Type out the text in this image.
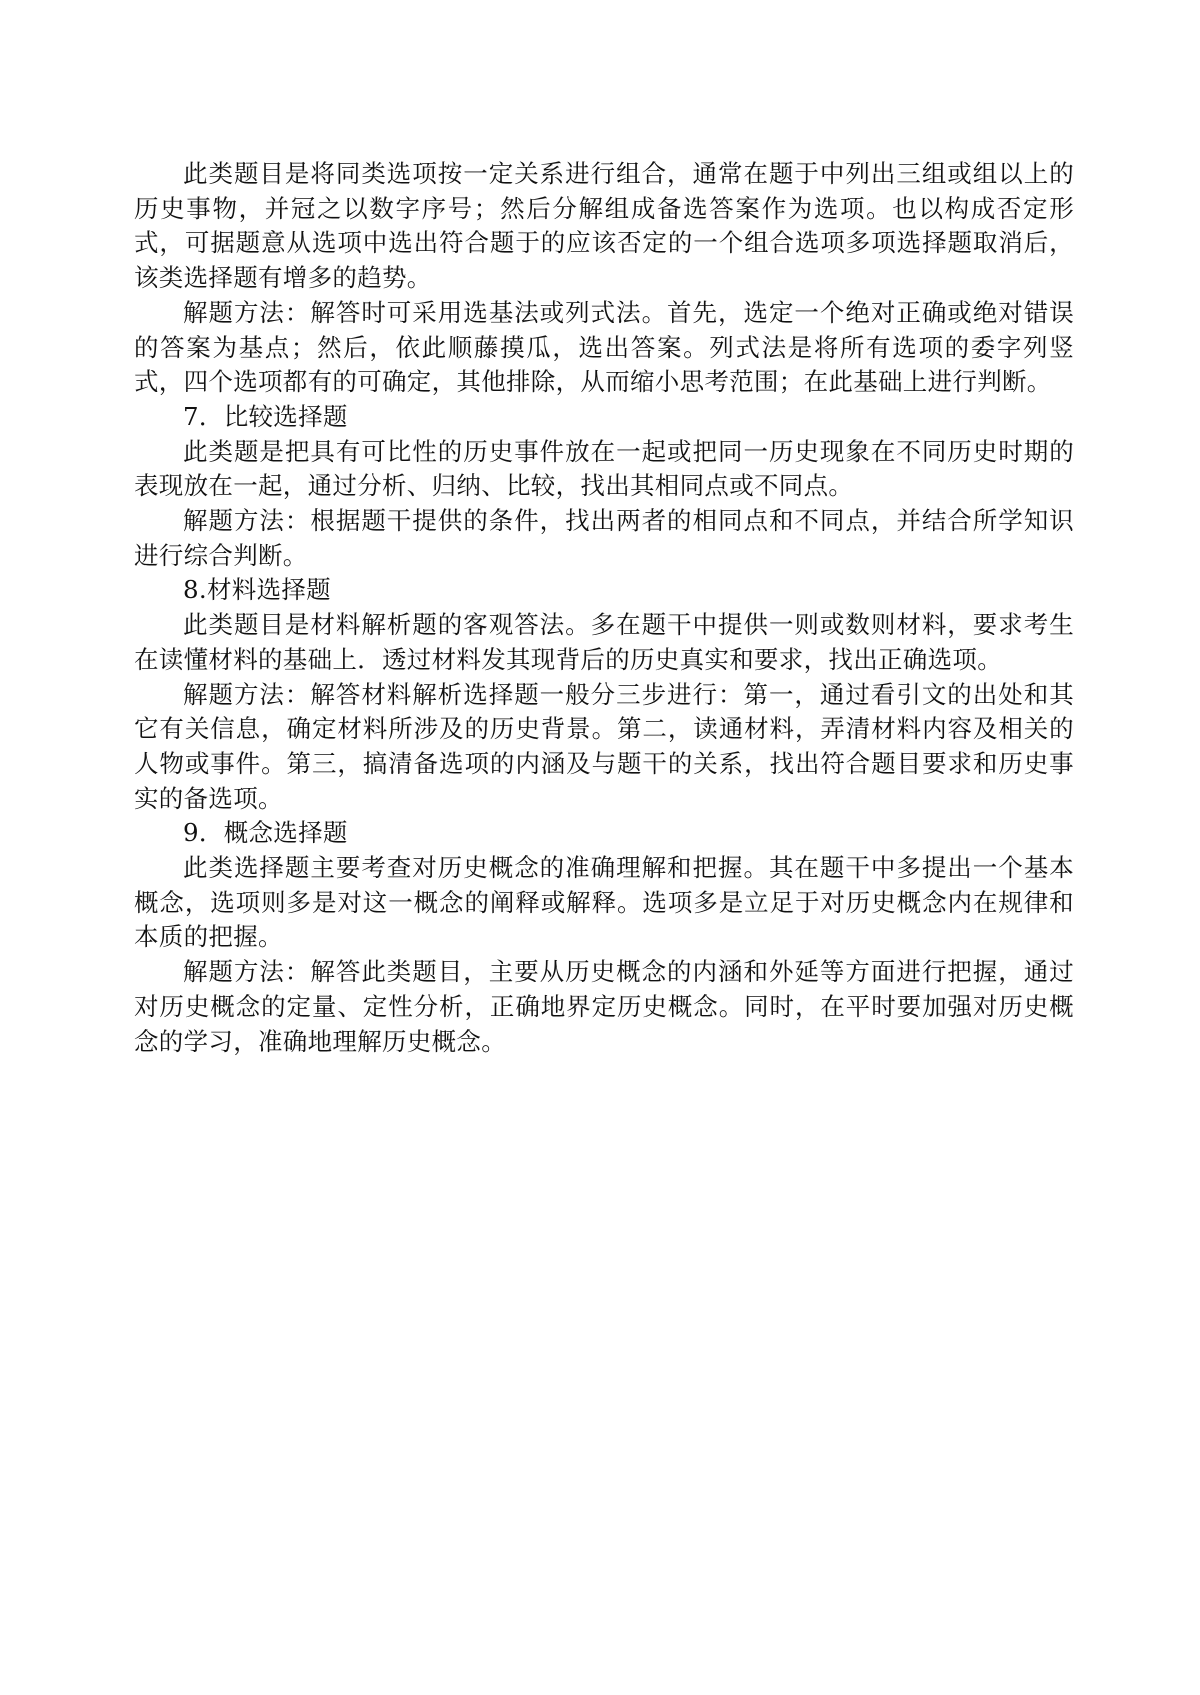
此类题目是将同类选项按一定关系进行组合，通常在题于中列出三组或组以上的历史事物，并冠之以数字序号；然后分解组成备选答案作为选项。也以构成否定形式，可据题意从选项中选出符合题于的应该否定的一个组合选项多项选择题取消后，该类选择题有增多的趋势。

解题方法：解答时可采用选基法或列式法。首先，选定一个绝对正确或绝对错误的答案为基点；然后，依此顺藤摸瓜，选出答案。列式法是将所有选项的委字列竖式，四个选项都有的可确定，其他排除，从而缩小思考范围；在此基础上进行判断。

7．比较选择题

此类题是把具有可比性的历史事件放在一起或把同一历史现象在不同历史时期的表现放在一起，通过分析、归纳、比较，找出其相同点或不同点。

解题方法：根据题干提供的条件，找出两者的相同点和不同点，并结合所学知识进行综合判断。

8.材料选择题

此类题目是材料解析题的客观答法。多在题干中提供一则或数则材料，要求考生在读懂材料的基础上．透过材料发其现背后的历史真实和要求，找出正确选项。

解题方法：解答材料解析选择题一般分三步进行：第一，通过看引文的出处和其它有关信息，确定材料所涉及的历史背景。第二，读通材料，弄清材料内容及相关的人物或事件。第三，搞清备选项的内涵及与题干的关系，找出符合题目要求和历史事实的备选项。

9．概念选择题

此类选择题主要考查对历史概念的准确理解和把握。其在题干中多提出一个基本概念，选项则多是对这一概念的阐释或解释。选项多是立足于对历史概念内在规律和本质的把握。

解题方法：解答此类题目，主要从历史概念的内涵和外延等方面进行把握，通过对历史概念的定量、定性分析，正确地界定历史概念。同时，在平时要加强对历史概念的学习，准确地理解历史概念。
